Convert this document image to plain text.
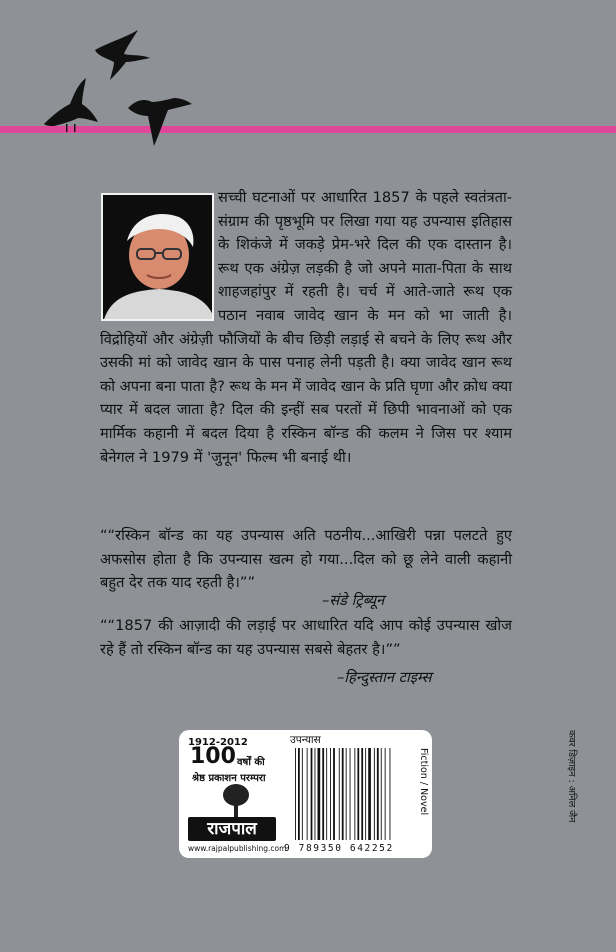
सच्ची घटनाओं पर आधारित 1857 के पहले स्वतंत्रता-संग्राम की पृष्ठभूमि पर लिखा गया यह उपन्यास इतिहास के शिकंजे में जकड़े प्रेम-भरे दिल की एक दास्तान है। रूथ एक अंग्रेज़ लड़की है जो अपने माता-पिता के साथ शाहजहांपुर में रहती है। चर्च में आते-जाते रूथ एक पठान नवाब जावेद खान के मन को भा जाती है। विद्रोहियों और अंग्रेज़ी फौजियों के बीच छिड़ी लड़ाई से बचने के लिए रूथ और उसकी मां को जावेद खान के पास पनाह लेनी पड़ती है। क्या जावेद खान रूथ को अपना बना पाता है? रूथ के मन में जावेद खान के प्रति घृणा और क्रोध क्या प्यार में बदल जाता है? दिल की इन्हीं सब परतों में छिपी भावनाओं को एक मार्मिक कहानी में बदल दिया है रस्किन बॉन्ड की कलम ने जिस पर श्याम बेनेगल ने 1979 में 'जुनून' फिल्म भी बनाई थी।

““रस्किन बॉन्ड का यह उपन्यास अति पठनीय...आखिरी पन्ना पलटते हुए अफसोस होता है कि उपन्यास खत्म हो गया...दिल को छू लेने वाली कहानी बहुत देर तक याद रहती है।””

–संडे ट्रिब्यून

““1857 की आज़ादी की लड़ाई पर आधारित यदि आप कोई उपन्यास खोज रहे हैं तो रस्किन बॉन्ड का यह उपन्यास सबसे बेहतर है।””

–हिन्दुस्तान टाइम्स

1912-2012

100 वर्षों की

श्रेष्ठ प्रकाशन परम्परा

राजपाल

www.rajpalpublishing.com

उपन्यास

9 789350 642252

Fiction / Novel	कवर डिज़ाइन : अनिल जैन
